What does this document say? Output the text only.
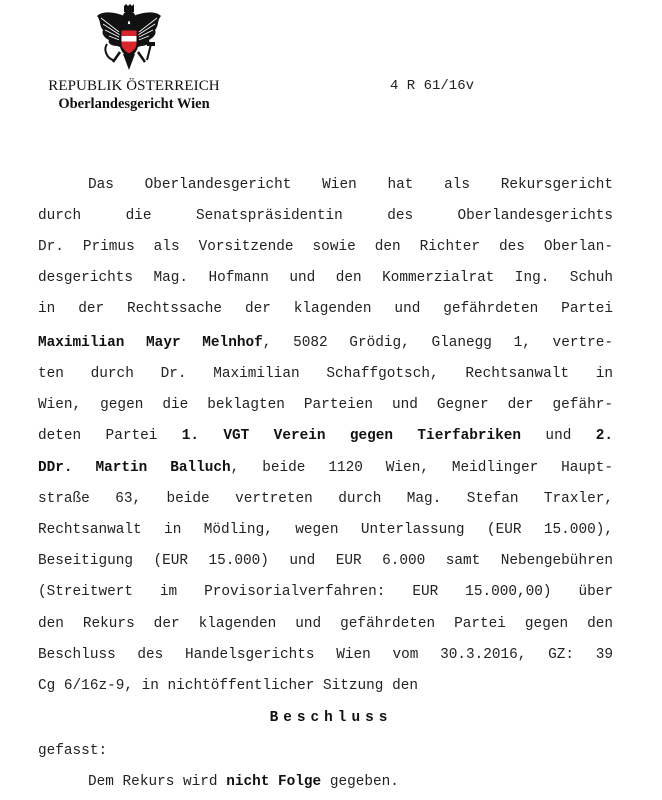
REPUBLIK ÖSTERREICH
Oberlandesgericht Wien
4 R 61/16v
Das Oberlandesgericht Wien hat als Rekursgericht
durch die Senatspräsidentin des Oberlandesgerichts
Dr. Primus als Vorsitzende sowie den Richter des Oberlan-
desgerichts Mag. Hofmann und den Kommerzialrat Ing. Schuh
in der Rechtssache der klagenden und gefährdeten Partei
Maximilian Mayr Melnhof, 5082 Grödig, Glanegg 1, vertre-
ten durch Dr. Maximilian Schaffgotsch, Rechtsanwalt in
Wien, gegen die beklagten Parteien und Gegner der gefähr-
deten Partei 1. VGT Verein gegen Tierfabriken und 2.
DDr. Martin Balluch, beide 1120 Wien, Meidlinger Haupt-
straße 63, beide vertreten durch Mag. Stefan Traxler,
Rechtsanwalt in Mödling, wegen Unterlassung (EUR 15.000),
Beseitigung (EUR 15.000) und EUR 6.000 samt Nebengebühren
(Streitwert im Provisorialverfahren: EUR 15.000,00) über
den Rekurs der klagenden und gefährdeten Partei gegen den
Beschluss des Handelsgerichts Wien vom 30.3.2016, GZ: 39
Cg 6/16z-9, in nichtöffentlicher Sitzung den
Beschluss
gefasst:
Dem Rekurs wird nicht Folge gegeben.
